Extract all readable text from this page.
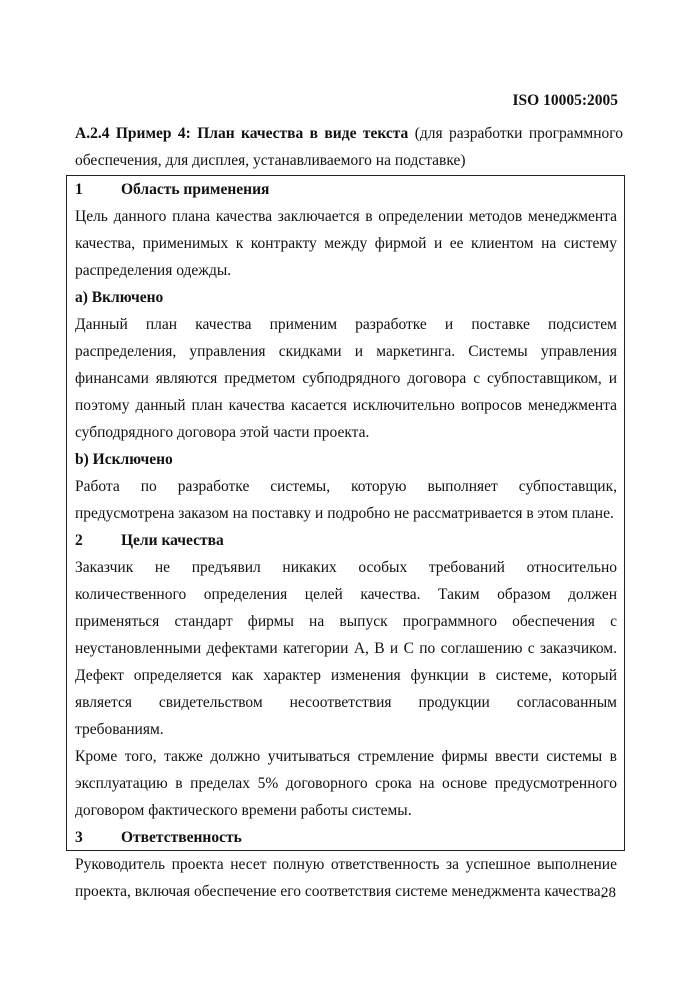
ISO 10005:2005
А.2.4 Пример 4: План качества в виде текста (для разработки программного обеспечения, для дисплея, устанавливаемого на подставке)
1	Область применения
Цель данного плана качества заключается в определении методов менеджмента качества, применимых к контракту между фирмой и ее клиентом на систему распределения одежды.
а) Включено
Данный план качества применим разработке и поставке подсистем распределения, управления скидками и маркетинга. Системы управления финансами являются предметом субподрядного договора с субпоставщиком, и поэтому данный план качества касается исключительно вопросов менеджмента субподрядного договора этой части проекта.
b) Исключено
Работа по разработке системы, которую выполняет субпоставщик, предусмотрена заказом на поставку и подробно не рассматривается в этом плане.
2	Цели качества
Заказчик не предъявил никаких особых требований относительно количественного определения целей качества. Таким образом должен применяться стандарт фирмы на выпуск программного обеспечения с неустановленными дефектами категории А, В и С по соглашению с заказчиком. Дефект определяется как характер изменения функции в системе, который является свидетельством несоответствия продукции согласованным требованиям.
Кроме того, также должно учитываться стремление фирмы ввести системы в эксплуатацию в пределах 5% договорного срока на основе предусмотренного договором фактического времени работы системы.
3	Ответственность
Руководитель проекта несет полную ответственность за успешное выполнение проекта, включая обеспечение его соответствия системе менеджмента качества,
28
